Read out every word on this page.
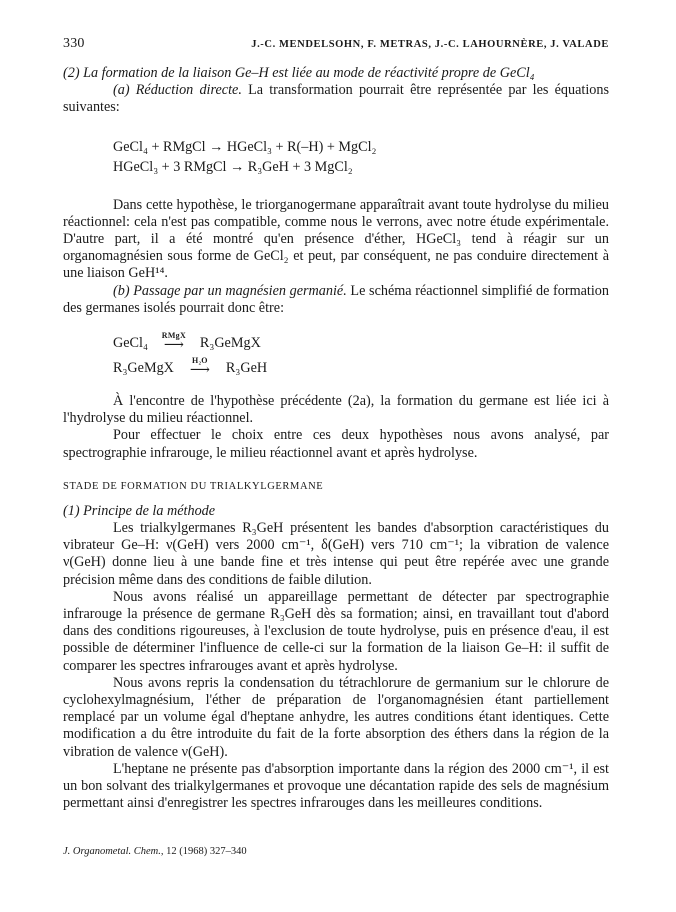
330	J.-C. MENDELSOHN, F. METRAS, J.-C. LAHOURNÈRE, J. VALADE

(2) La formation de la liaison Ge–H est liée au mode de réactivité propre de GeCl₄

(a) Réduction directe. La transformation pourrait être représentée par les équations suivantes:

GeCl₄ + RMgCl → HGeCl₃ + R(–H) + MgCl₂
HGeCl₃ + 3 RMgCl → R₃GeH + 3 MgCl₂

Dans cette hypothèse, le triorganogermane apparaîtrait avant toute hydrolyse du milieu réactionnel: cela n'est pas compatible, comme nous le verrons, avec notre étude expérimentale. D'autre part, il a été montré qu'en présence d'éther, HGeCl₃ tend à réagir sur un organomagnésien sous forme de GeCl₂ et peut, par conséquent, ne pas conduire directement à une liaison GeH¹⁴.

(b) Passage par un magnésien germanié. Le schéma réactionnel simplifié de formation des germanes isolés pourrait donc être:

GeCl₄ RMgX
⟶ R₃GeMgX
R₃GeMgX H₂O
⟶ R₃GeH

À l'encontre de l'hypothèse précédente (2a), la formation du germane est liée ici à l'hydrolyse du milieu réactionnel.

Pour effectuer le choix entre ces deux hypothèses nous avons analysé, par spectrographie infrarouge, le milieu réactionnel avant et après hydrolyse.

STADE DE FORMATION DU TRIALKYLGERMANE

(1) Principe de la méthode

Les trialkylgermanes R₃GeH présentent les bandes d'absorption caractéristiques du vibrateur Ge–H: ν(GeH) vers 2000 cm⁻¹, δ(GeH) vers 710 cm⁻¹; la vibration de valence ν(GeH) donne lieu à une bande fine et très intense qui peut être repérée avec une grande précision même dans des conditions de faible dilution.

Nous avons réalisé un appareillage permettant de détecter par spectrographie infrarouge la présence de germane R₃GeH dès sa formation; ainsi, en travaillant tout d'abord dans des conditions rigoureuses, à l'exclusion de toute hydrolyse, puis en présence d'eau, il est possible de déterminer l'influence de celle-ci sur la formation de la liaison Ge–H: il suffit de comparer les spectres infrarouges avant et après hydrolyse.

Nous avons repris la condensation du tétrachlorure de germanium sur le chlorure de cyclohexylmagnésium, l'éther de préparation de l'organomagnésien étant partiellement remplacé par un volume égal d'heptane anhydre, les autres conditions étant identiques. Cette modification a du être introduite du fait de la forte absorption des éthers dans la région de la vibration de valence ν(GeH).

L'heptane ne présente pas d'absorption importante dans la région des 2000 cm⁻¹, il est un bon solvant des trialkylgermanes et provoque une décantation rapide des sels de magnésium permettant ainsi d'enregistrer les spectres infrarouges dans les meilleures conditions.

J. Organometal. Chem., 12 (1968) 327–340
